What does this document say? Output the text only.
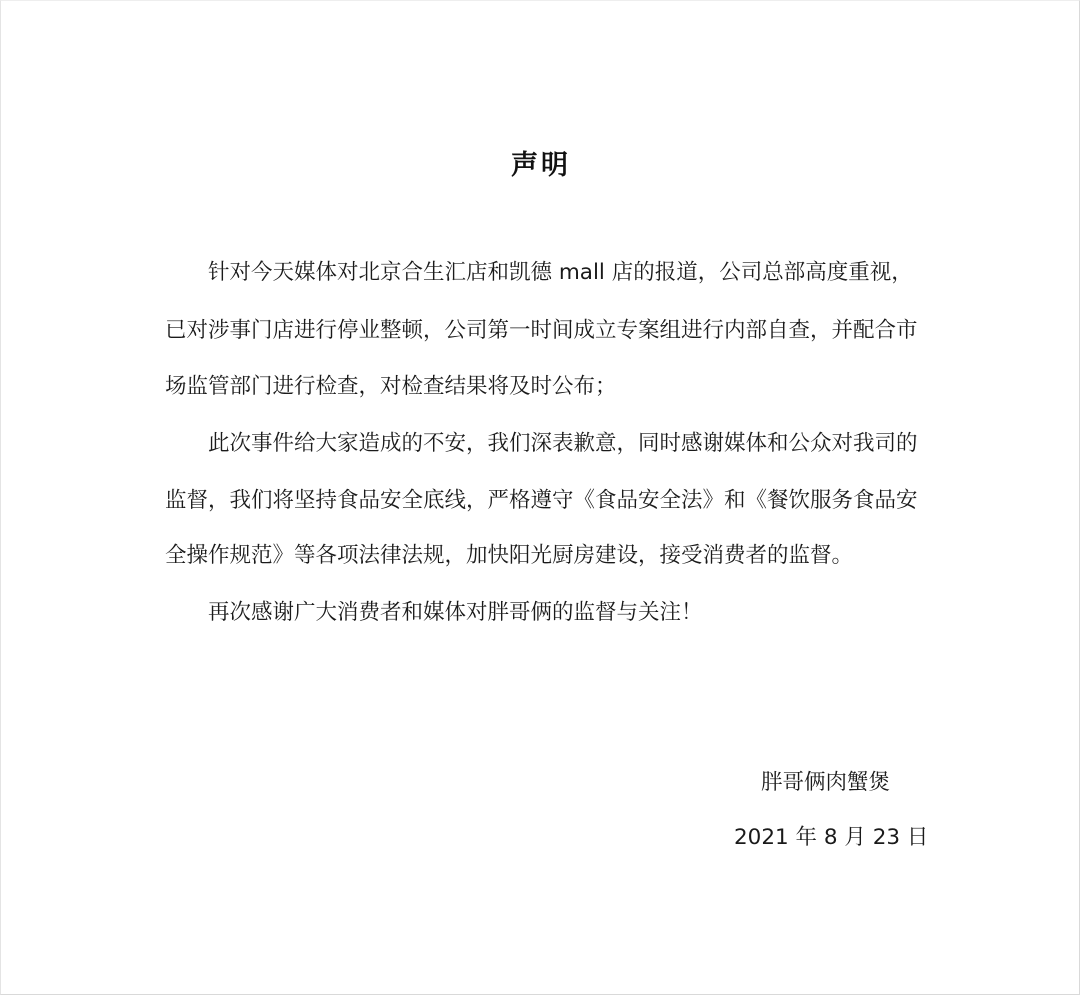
声明
针对今天媒体对北京合生汇店和凯德 mall 店的报道，公司总部高度重视，
已对涉事门店进行停业整顿，公司第一时间成立专案组进行内部自查，并配合市
场监管部门进行检查，对检查结果将及时公布；
此次事件给大家造成的不安，我们深表歉意，同时感谢媒体和公众对我司的
监督，我们将坚持食品安全底线，严格遵守《食品安全法》和《餐饮服务食品安
全操作规范》等各项法律法规，加快阳光厨房建设，接受消费者的监督。
再次感谢广大消费者和媒体对胖哥俩的监督与关注！
胖哥俩肉蟹煲
2021 年 8 月 23 日
